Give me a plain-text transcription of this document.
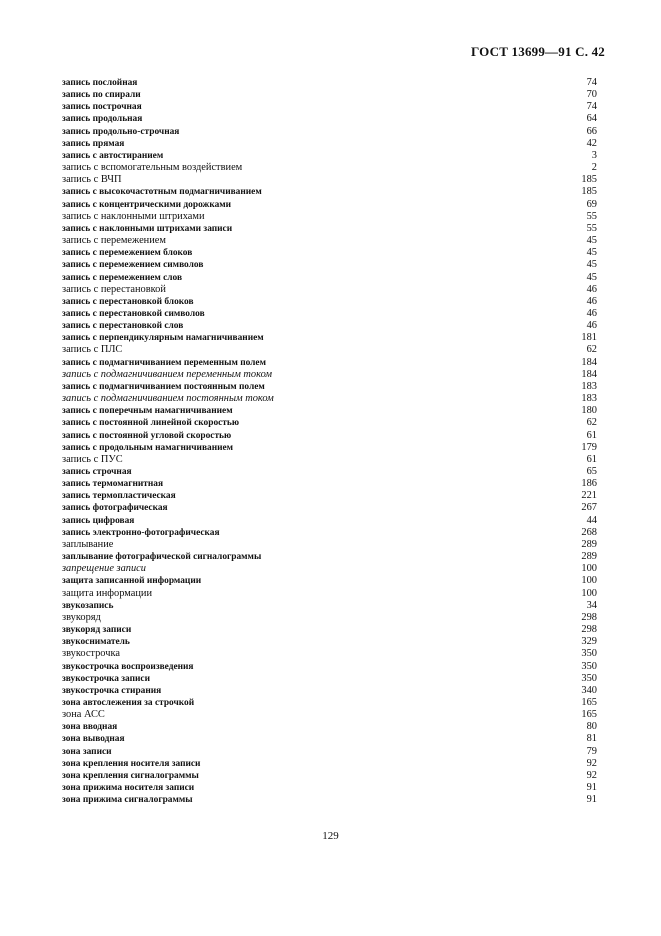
ГОСТ 13699—91 С. 42
запись послойная	74
запись по спирали	70
запись построчная	74
запись продольная	64
запись продольно-строчная	66
запись прямая	42
запись с автостиранием	3
запись с вспомогательным воздействием	2
запись с ВЧП	185
запись с высокочастотным подмагничиванием	185
запись с концентрическими дорожками	69
запись с наклонными штрихами	55
запись с наклонными штрихами записи	55
запись с перемежением	45
запись с перемежением блоков	45
запись с перемежением символов	45
запись с перемежением слов	45
запись с перестановкой	46
запись с перестановкой блоков	46
запись с перестановкой символов	46
запись с перестановкой слов	46
запись с перпендикулярным намагничиванием	181
запись с ПЛС	62
запись с подмагничиванием переменным полем	184
запись с подмагничиванием переменным током	184
запись с подмагничиванием постоянным полем	183
запись с подмагничиванием постоянным током	183
запись с поперечным намагничиванием	180
запись с постоянной линейной скоростью	62
запись с постоянной угловой скоростью	61
запись с продольным намагничиванием	179
запись с ПУС	61
запись строчная	65
запись термомагнитная	186
запись термопластическая	221
запись фотографическая	267
запись цифровая	44
запись электронно-фотографическая	268
заплывание	289
заплывание фотографической сигналограммы	289
запрещение записи	100
защита записанной информации	100
защита информации	100
звукозапись	34
звукоряд	298
звукоряд записи	298
звукосниматель	329
звукострочка	350
звукострочка воспроизведения	350
звукострочка записи	350
звукострочка стирания	340
зона автослежения за строчкой	165
зона АСС	165
зона вводная	80
зона выводная	81
зона записи	79
зона крепления носителя записи	92
зона крепления сигналограммы	92
зона прижима носителя записи	91
зона прижима сигналограммы	91
129
